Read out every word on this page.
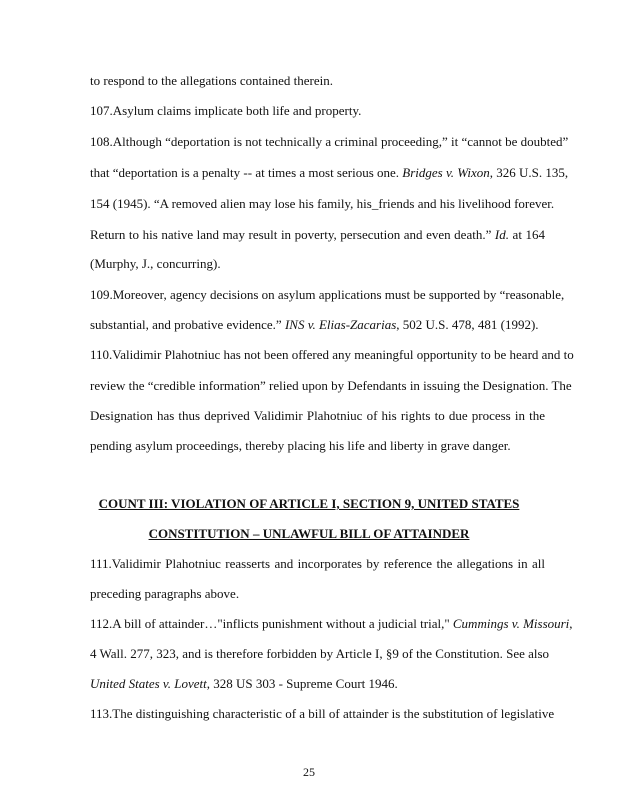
to respond to the allegations contained therein.
107.Asylum claims implicate both life and property.
108.Although “deportation is not technically a criminal proceeding,” it “cannot be doubted”
that “deportation is a penalty -- at times a most serious one. Bridges v. Wixon, 326 U.S. 135,
154 (1945). “A removed alien may lose his family, his_friends and his livelihood forever.
Return to his native land may result in poverty, persecution and even death.” Id. at 164
(Murphy, J., concurring).
109.Moreover, agency decisions on asylum applications must be supported by “reasonable,
substantial, and probative evidence.” INS v. Elias-Zacarias, 502 U.S. 478, 481 (1992).
110.Validimir Plahotniuc has not been offered any meaningful opportunity to be heard and to
review the “credible information” relied upon by Defendants in issuing the Designation. The
Designation has thus deprived Validimir Plahotniuc of his rights to due process in the
pending asylum proceedings, thereby placing his life and liberty in grave danger.
COUNT III: VIOLATION OF ARTICLE I, SECTION 9, UNITED STATES
CONSTITUTION – UNLAWFUL BILL OF ATTAINDER
111.Validimir Plahotniuc reasserts and incorporates by reference the allegations in all
preceding paragraphs above.
112.A bill of attainder…"inflicts punishment without a judicial trial," Cummings v. Missouri,
4 Wall. 277, 323, and is therefore forbidden by Article I, §9 of the Constitution. See also
United States v. Lovett, 328 US 303 - Supreme Court 1946.
113.The distinguishing characteristic of a bill of attainder is the substitution of legislative
25
